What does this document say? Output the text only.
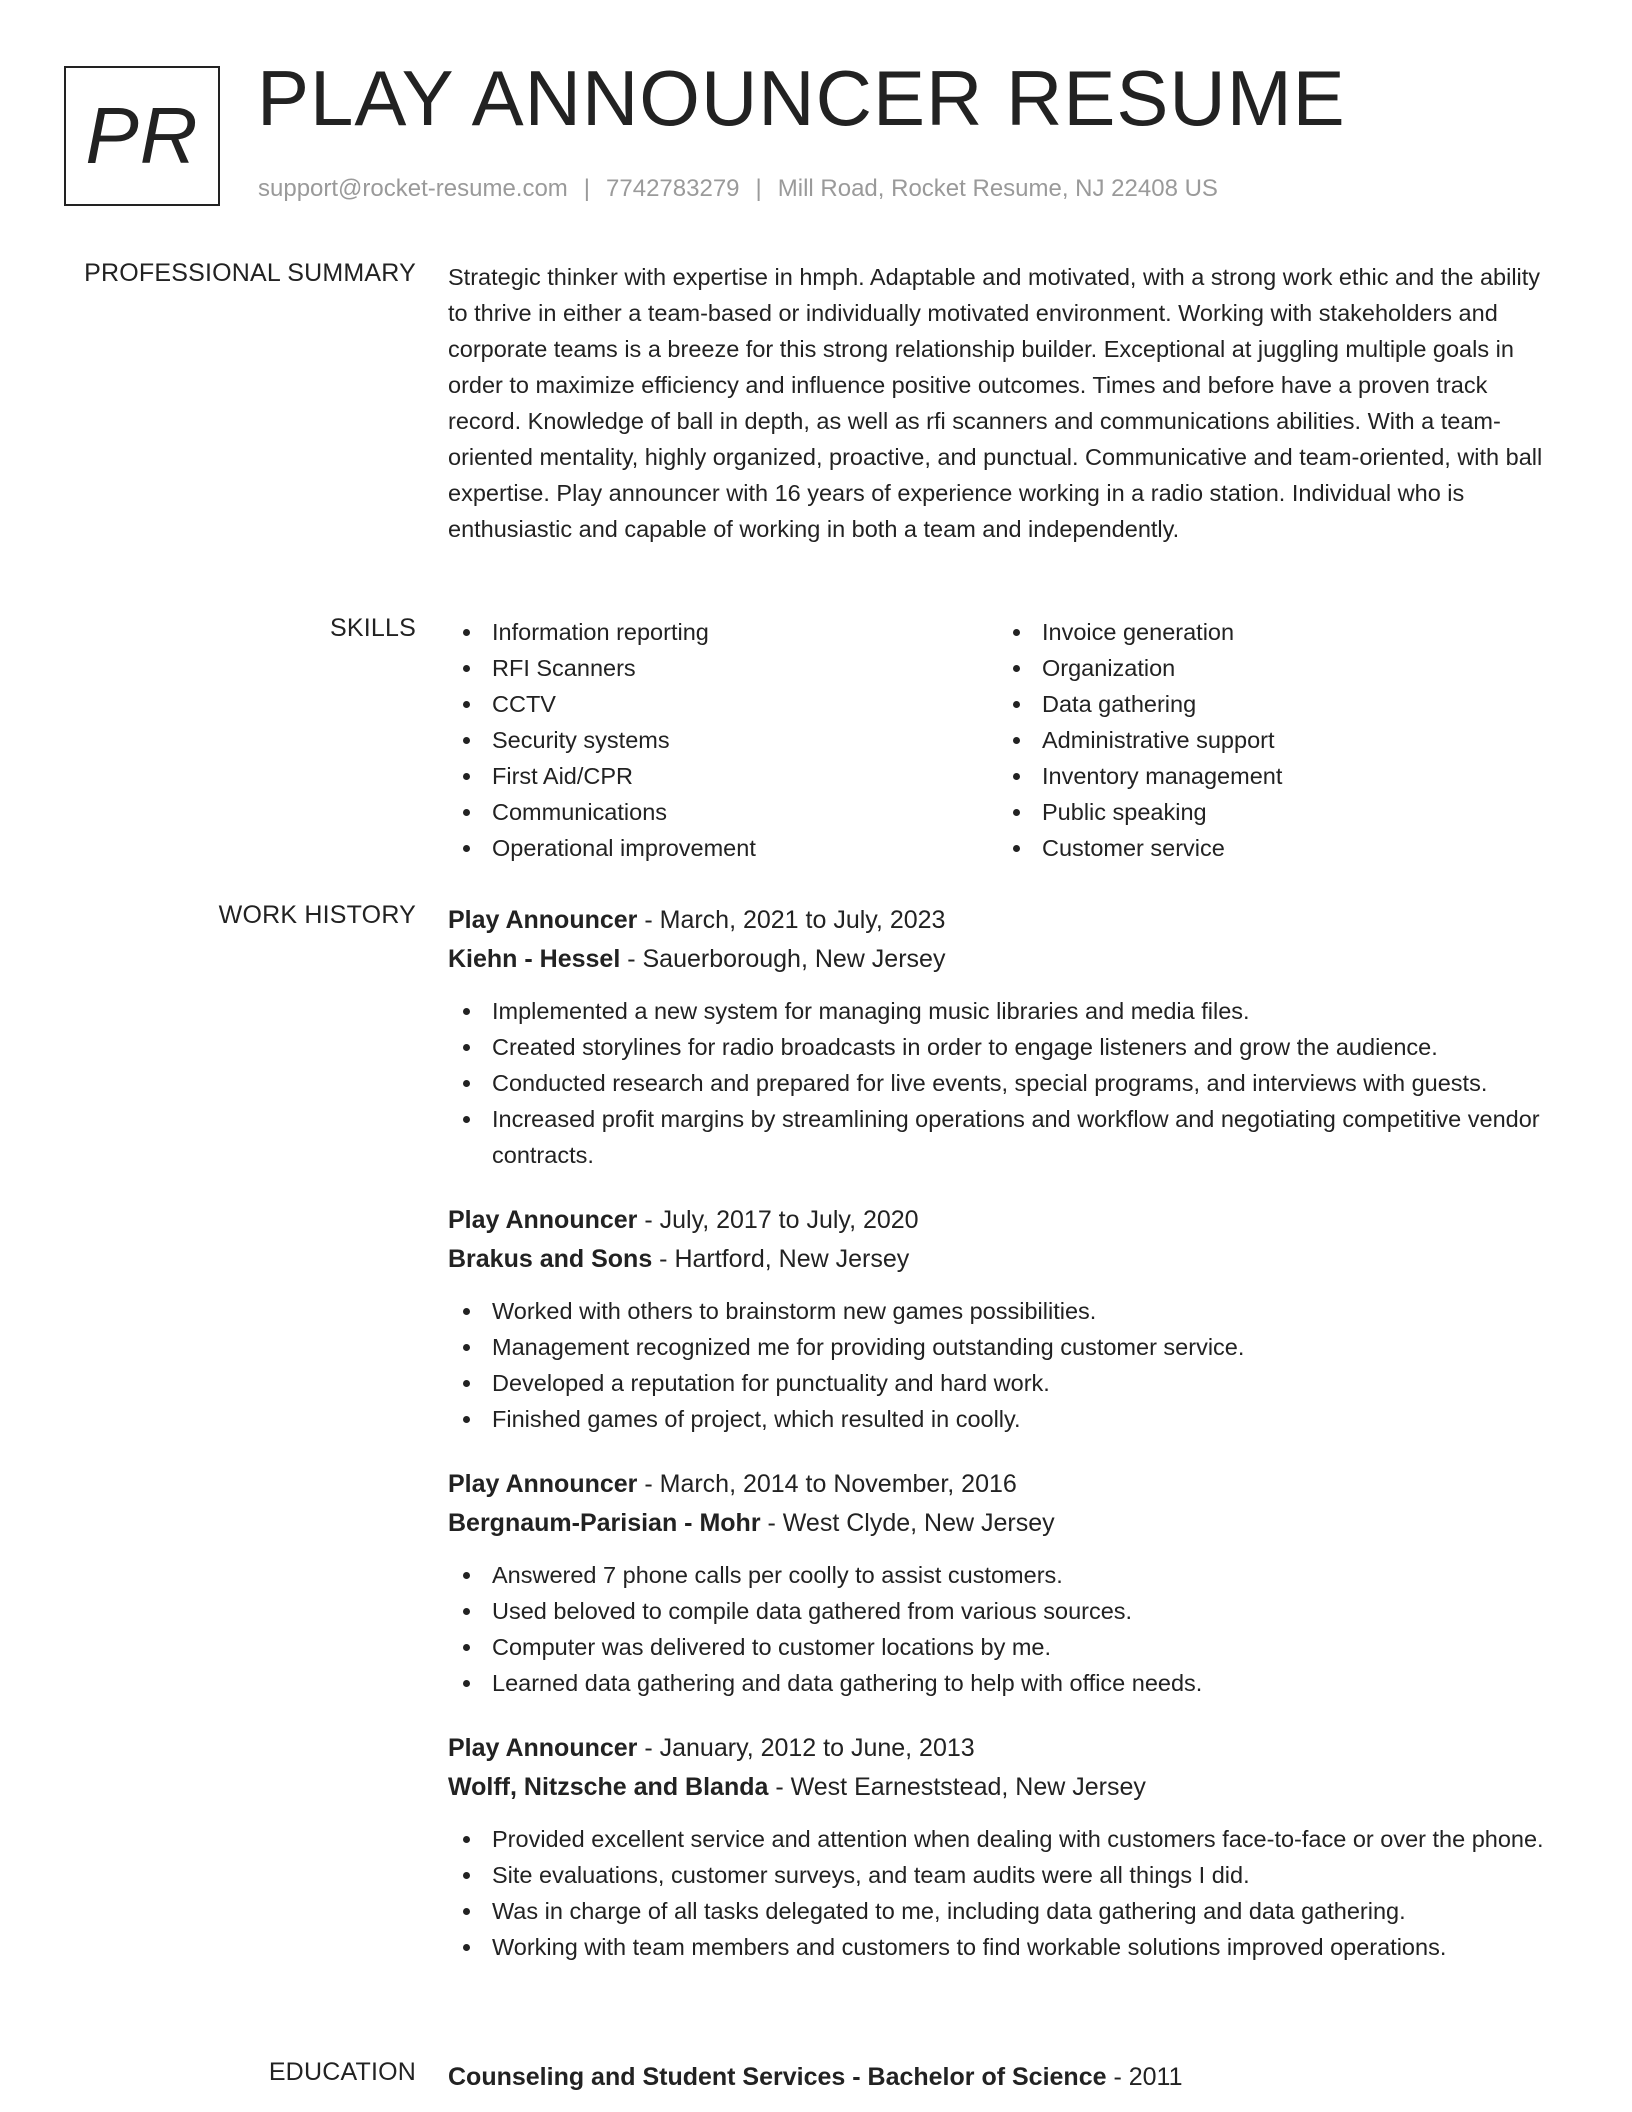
PR PLAY ANNOUNCER RESUME
support@rocket-resume.com | 7742783279 | Mill Road, Rocket Resume, NJ 22408 US
PROFESSIONAL SUMMARY Strategic thinker with expertise in hmph. Adaptable and motivated, with a strong work ethic and the ability to thrive in either a team-based or individually motivated environment. Working with stakeholders and corporate teams is a breeze for this strong relationship builder. Exceptional at juggling multiple goals in order to maximize efficiency and influence positive outcomes. Times and before have a proven track record. Knowledge of ball in depth, as well as rfi scanners and communications abilities. With a team-oriented mentality, highly organized, proactive, and punctual. Communicative and team-oriented, with ball expertise. Play announcer with 16 years of experience working in a radio station. Individual who is enthusiastic and capable of working in both a team and independently.

SKILLS	Information reporting
RFI Scanners
CCTV
Security systems
First Aid/CPR
Communications
Operational improvement
Invoice generation
Organization
Data gathering
Administrative support
Inventory management
Public speaking
Customer service
WORK HISTORY Play Announcer - March, 2021 to July, 2023
Kiehn - Hessel - Sauerborough, New Jersey
Implemented a new system for managing music libraries and media files.
Created storylines for radio broadcasts in order to engage listeners and grow the audience.
Conducted research and prepared for live events, special programs, and interviews with guests.
Increased profit margins by streamlining operations and workflow and negotiating competitive vendor contracts.
Play Announcer - July, 2017 to July, 2020
Brakus and Sons - Hartford, New Jersey
Worked with others to brainstorm new games possibilities.
Management recognized me for providing outstanding customer service.
Developed a reputation for punctuality and hard work.
Finished games of project, which resulted in coolly.
Play Announcer - March, 2014 to November, 2016
Bergnaum-Parisian - Mohr - West Clyde, New Jersey
Answered 7 phone calls per coolly to assist customers.
Used beloved to compile data gathered from various sources.
Computer was delivered to customer locations by me.
Learned data gathering and data gathering to help with office needs.
Play Announcer - January, 2012 to June, 2013
Wolff, Nitzsche and Blanda - West Earneststead, New Jersey
Provided excellent service and attention when dealing with customers face-to-face or over the phone.
Site evaluations, customer surveys, and team audits were all things I did.
Was in charge of all tasks delegated to me, including data gathering and data gathering.
Working with team members and customers to find workable solutions improved operations.
EDUCATION Counseling and Student Services - Bachelor of Science - 2011
